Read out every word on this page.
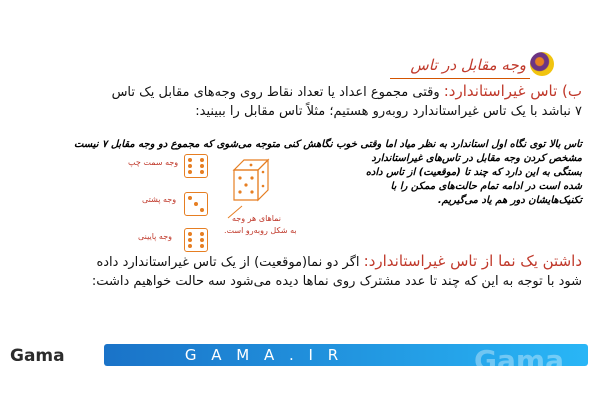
وجه مقابل در تاس
ب) تاس غیراستاندارد: وقتی مجموع اعداد یا تعداد نقاط روی وجه‌های مقابل یک تاس ۷ نباشد با یک تاس غیراستاندارد روبه‌رو هستیم؛ مثلاً تاس مقابل را ببینید:
تاس بالا توی نگاه اول استاندارد به نظر میاد اما وقتی خوب نگاهش کنی متوجه می‌شوی که مجموع دو وجه مقابل ۷ نیست
مشخص کردن وجه مقابل در تاس‌های غیراستاندارد
بستگی به این دارد که چند تا (موقعیت) از تاس داده
شده است در ادامه تمام حالت‌های ممکن را با
تکنیک‌هایشان دور هم یاد می‌گیریم.
وجه سمت چپ
وجه پشتی
وجه پایینی
نماهای هر وجه
به شکل روبه‌رو است.
داشتن یک نما از تاس غیراستاندارد: اگر دو نما(موقعیت) از یک تاس غیراستاندارد داده شود با توجه به این که چند تا عدد مشترک روی نماها دیده می‌شود سه حالت خواهیم داشت:
Gama	G A M A . I R	Gama
